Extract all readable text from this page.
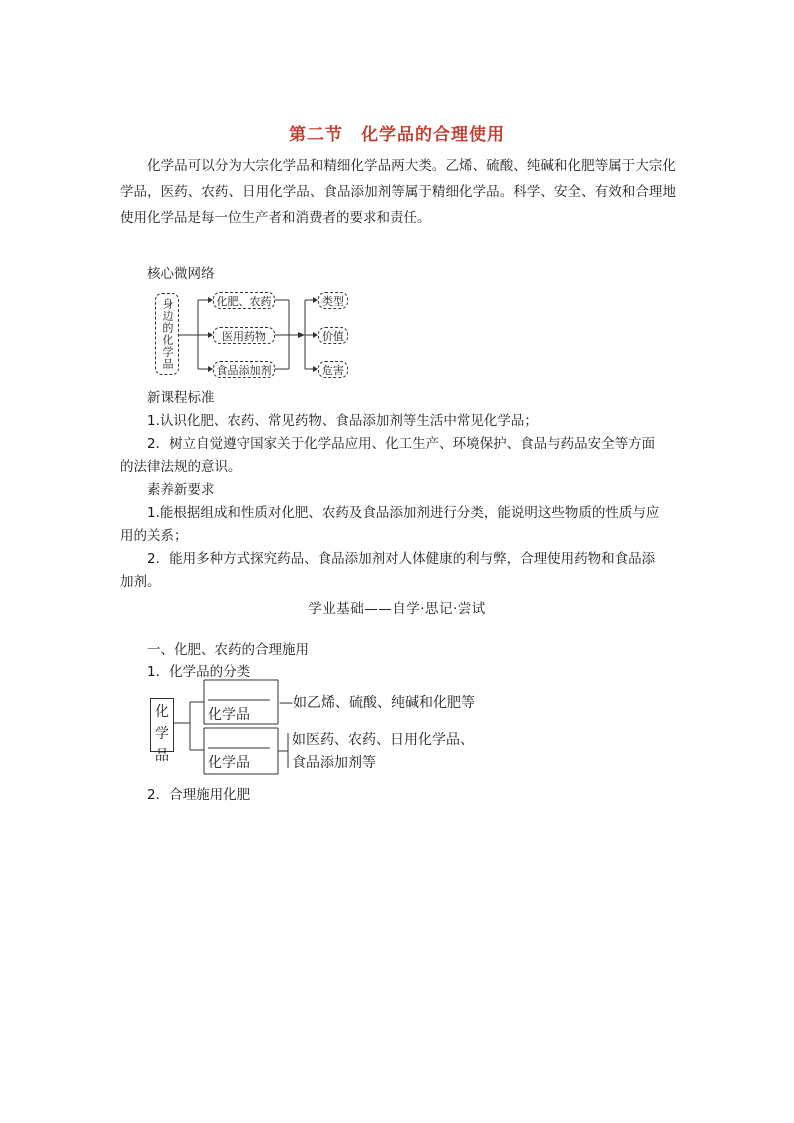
第二节　化学品的合理使用
化学品可以分为大宗化学品和精细化学品两大类。乙烯、硫酸、纯碱和化肥等属于大宗化学品，医药、农药、日用化学品、食品添加剂等属于精细化学品。科学、安全、有效和合理地使用化学品是每一位生产者和消费者的要求和责任。
核心微网络
身边的化学品	化肥、农药
医用药物
食品添加剂
类型
价值
危害
新课程标准
1.认识化肥、农药、常见药物、食品添加剂等生活中常见化学品；
2．树立自觉遵守国家关于化学品应用、化工生产、环境保护、食品与药品安全等方面
的法律法规的意识。
素养新要求
1.能根据组成和性质对化肥、农药及食品添加剂进行分类，能说明这些物质的性质与应
用的关系；
2．能用多种方式探究药品、食品添加剂对人体健康的利与弊，合理使用药物和食品添
加剂。
学业基础——自学·思记·尝试
一、化肥、农药的合理施用
1．化学品的分类
化学品
化学品
—如乙烯、硫酸、纯碱和化肥等
化学品
如医药、农药、日用化学品、
食品添加剂等
2．合理施用化肥
